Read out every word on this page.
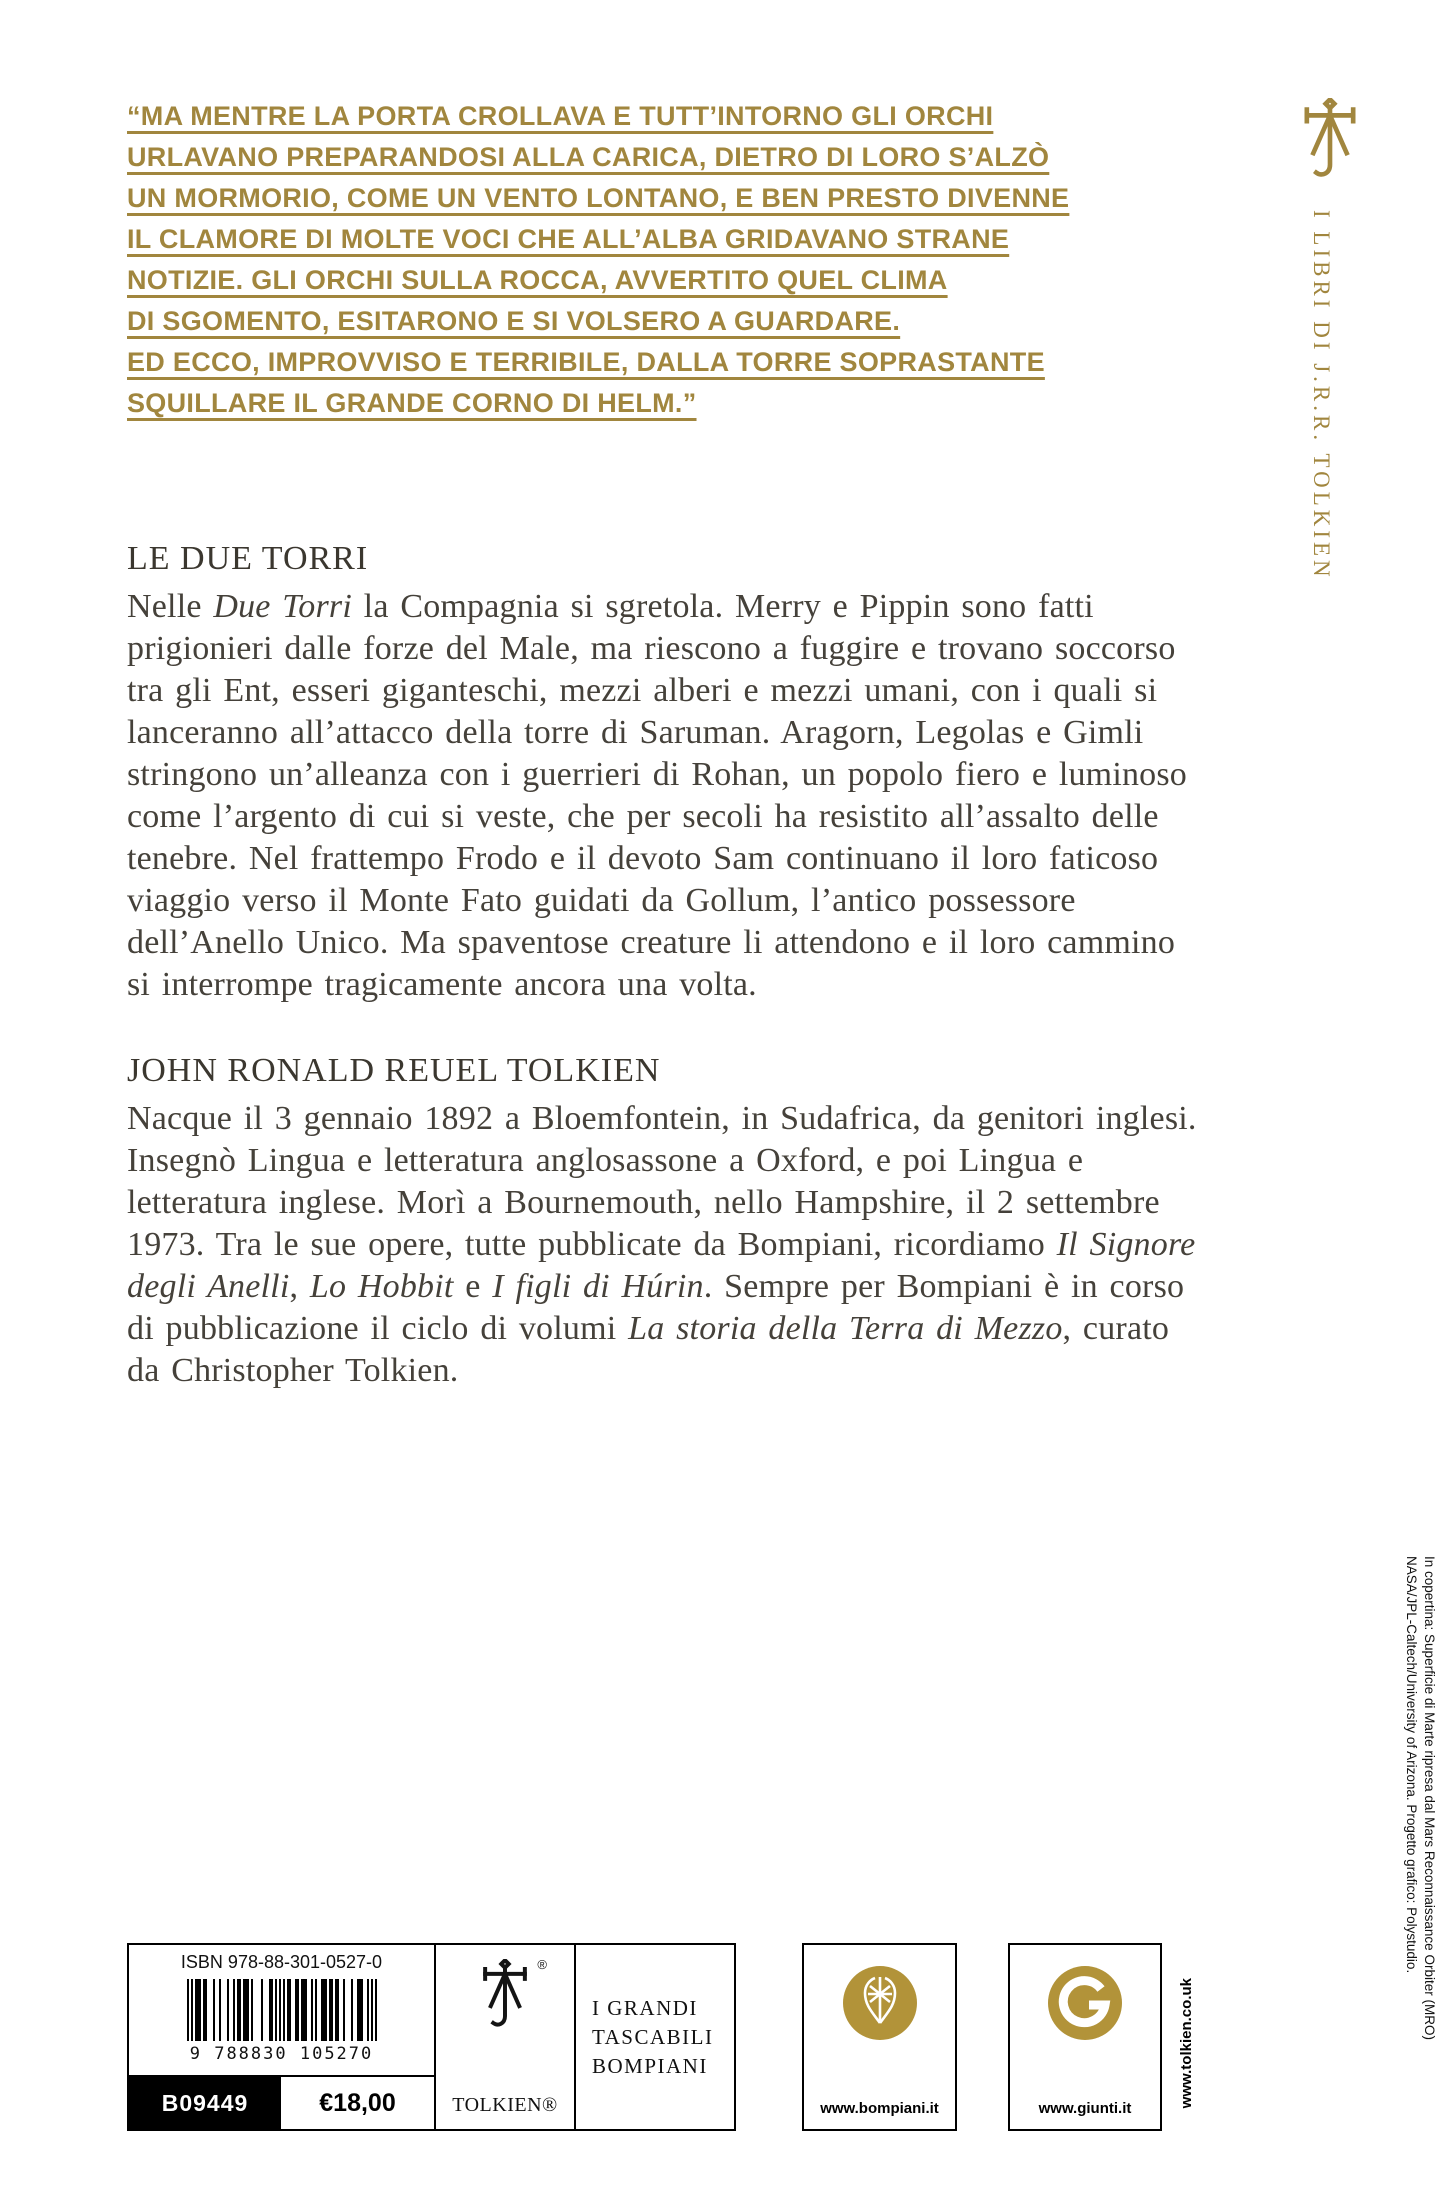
“MA MENTRE LA PORTA CROLLAVA E TUTT’INTORNO GLI ORCHI
URLAVANO PREPARANDOSI ALLA CARICA, DIETRO DI LORO S’ALZÒ
UN MORMORIO, COME UN VENTO LONTANO, E BEN PRESTO DIVENNE
IL CLAMORE DI MOLTE VOCI CHE ALL’ALBA GRIDAVANO STRANE
NOTIZIE. GLI ORCHI SULLA ROCCA, AVVERTITO QUEL CLIMA
DI SGOMENTO, ESITARONO E SI VOLSERO A GUARDARE.
ED ECCO, IMPROVVISO E TERRIBILE, DALLA TORRE SOPRASTANTE
SQUILLARE IL GRANDE CORNO DI HELM.”	I LIBRI DI J.R.R. TOLKIEN
LE DUE TORRI

Nelle Due Torri la Compagnia si sgretola. Merry e Pippin sono fatti prigionieri dalle forze del Male, ma riescono a fuggire e trovano soccorso tra gli Ent, esseri giganteschi, mezzi alberi e mezzi umani, con i quali si lanceranno all’attacco della torre di Saruman. Aragorn, Legolas e Gimli stringono un’alleanza con i guerrieri di Rohan, un popolo fiero e luminoso come l’argento di cui si veste, che per secoli ha resistito all’assalto delle tenebre. Nel frattempo Frodo e il devoto Sam continuano il loro faticoso viaggio verso il Monte Fato guidati da Gollum, l’antico possessore dell’Anello Unico. Ma spaventose creature li attendono e il loro cammino si interrompe tragicamente ancora una volta.

JOHN RONALD REUEL TOLKIEN

Nacque il 3 gennaio 1892 a Bloemfontein, in Sudafrica, da genitori inglesi. Insegnò Lingua e letteratura anglosassone a Oxford, e poi Lingua e letteratura inglese. Morì a Bournemouth, nello Hampshire, il 2 settembre 1973. Tra le sue opere, tutte pubblicate da Bompiani, ricordiamo Il Signore degli Anelli, Lo Hobbit e I figli di Húrin. Sempre per Bompiani è in corso di pubblicazione il ciclo di volumi La storia della Terra di Mezzo, curato da Christopher Tolkien.

ISBN 978-88-301-0527-0
9 788830 105270
B09449	€18,00
®
TOLKIEN®
I GRANDI
TASCABILI
BOMPIANI
www.bompiani.it	www.giunti.it
www.tolkien.co.uk
In copertina: Superficie di Marte ripresa dal Mars Reconnaissance Orbiter (MRO)
NASA/JPL-Caltech/University of Arizona. Progetto grafico: Polystudio.
